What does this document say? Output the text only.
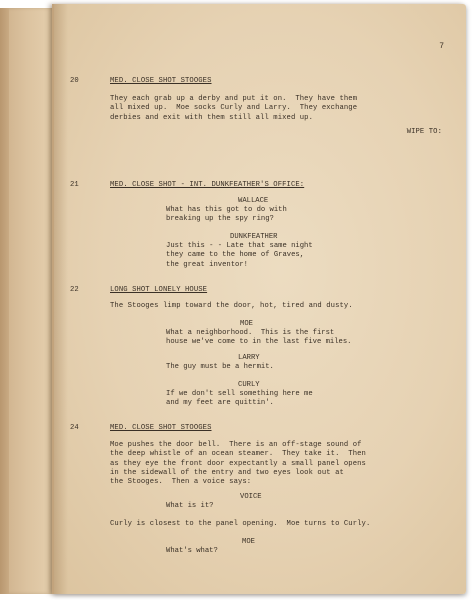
7
20	MED. CLOSE SHOT STOOGES
They each grab up a derby and put it on.  They have them
all mixed up.  Moe socks Curly and Larry.  They exchange
derbies and exit with them still all mixed up.
WIPE TO:
21	MED. CLOSE SHOT - INT. DUNKFEATHER'S OFFICE:
WALLACE
What has this got to do with
breaking up the spy ring?
DUNKFEATHER
Just this - - Late that same night
they came to the home of Graves,
the great inventor!
22	LONG SHOT LONELY HOUSE
The Stooges limp toward the door, hot, tired and dusty.
MOE
What a neighborhood.  This is the first
house we've come to in the last five miles.
LARRY
The guy must be a hermit.
CURLY
If we don't sell something here me
and my feet are quittin'.
24	MED. CLOSE SHOT STOOGES
Moe pushes the door bell.  There is an off-stage sound of
the deep whistle of an ocean steamer.  They take it.  Then
as they eye the front door expectantly a small panel opens
in the sidewall of the entry and two eyes look out at
the Stooges.  Then a voice says:
VOICE
What is it?
Curly is closest to the panel opening.  Moe turns to Curly.
MOE
What's what?
